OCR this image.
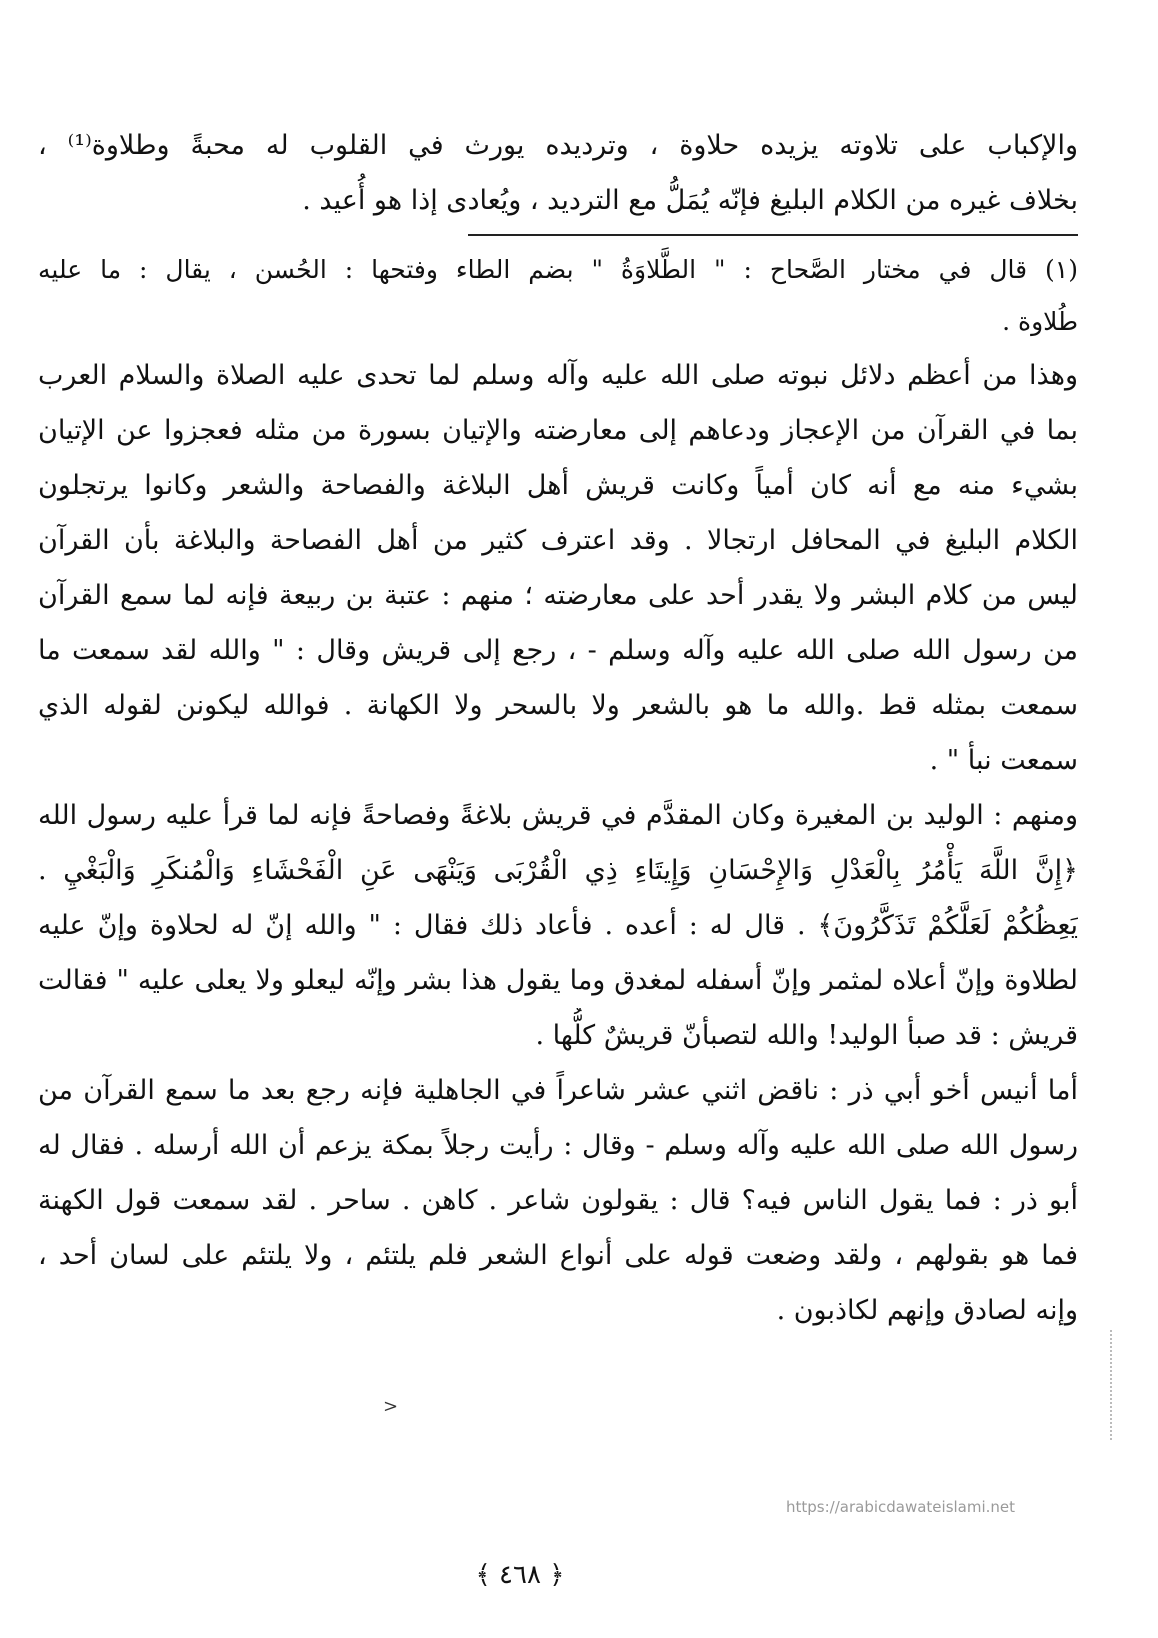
والإكباب على تلاوته يزيده حلاوة ، وترديده يورث في القلوب له محبةً وطلاوة⁽¹⁾ ،
بخلاف غيره من الكلام البليغ فإنّه يُمَلُّ مع الترديد ، ويُعادى إذا هو أُعيد .
(١) قال في مختار الصَّحاح : " الطَّلاوَةُ " بضم الطاء وفتحها : الحُسن ، يقال : ما عليه
طُلاوة .
وهذا من أعظم دلائل نبوته صلى الله عليه وآله وسلم لما تحدى عليه الصلاة والسلام العرب
بما في القرآن من الإعجاز ودعاهم إلى معارضته والإتيان بسورة من مثله فعجزوا عن الإتيان
بشيء منه مع أنه كان أمياً وكانت قريش أهل البلاغة والفصاحة والشعر وكانوا يرتجلون
الكلام البليغ في المحافل ارتجالا . وقد اعترف كثير من أهل الفصاحة والبلاغة بأن القرآن
ليس من كلام البشر ولا يقدر أحد على معارضته ؛ منهم : عتبة بن ربيعة فإنه لما سمع القرآن
من رسول الله صلى الله عليه وآله وسلم - ، رجع إلى قريش وقال : " والله لقد سمعت ما
سمعت بمثله قط .والله ما هو بالشعر ولا بالسحر ولا الكهانة . فوالله ليكونن لقوله الذي
سمعت نبأ " .
ومنهم : الوليد بن المغيرة وكان المقدَّم في قريش بلاغةً وفصاحةً فإنه لما قرأ عليه رسول الله
﴿إِنَّ اللَّهَ يَأْمُرُ بِالْعَدْلِ وَالإِحْسَانِ وَإِيتَاءِ ذِي الْقُرْبَى وَيَنْهَى عَنِ الْفَحْشَاءِ وَالْمُنكَرِ وَالْبَغْيِ .
يَعِظُكُمْ لَعَلَّكُمْ تَذَكَّرُونَ﴾ . قال له : أعده . فأعاد ذلك فقال : " والله إنّ له لحلاوة وإنّ عليه
لطلاوة وإنّ أعلاه لمثمر وإنّ أسفله لمغدق وما يقول هذا بشر وإنّه ليعلو ولا يعلى عليه " فقالت
قريش : قد صبأ الوليد! والله لتصبأنّ قريشٌ كلُّها .
أما أنيس أخو أبي ذر : ناقض اثني عشر شاعراً في الجاهلية فإنه رجع بعد ما سمع القرآن من
رسول الله صلى الله عليه وآله وسلم - وقال : رأيت رجلاً بمكة يزعم أن الله أرسله . فقال له
أبو ذر : فما يقول الناس فيه؟ قال : يقولون شاعر . كاهن . ساحر . لقد سمعت قول الكهنة
فما هو بقولهم ، ولقد وضعت قوله على أنواع الشعر فلم يلتئم ، ولا يلتئم على لسان أحد ،
وإنه لصادق وإنهم لكاذبون .
>
https://arabicdawateislami.net
﴿ ٤٦٨ ﴾
